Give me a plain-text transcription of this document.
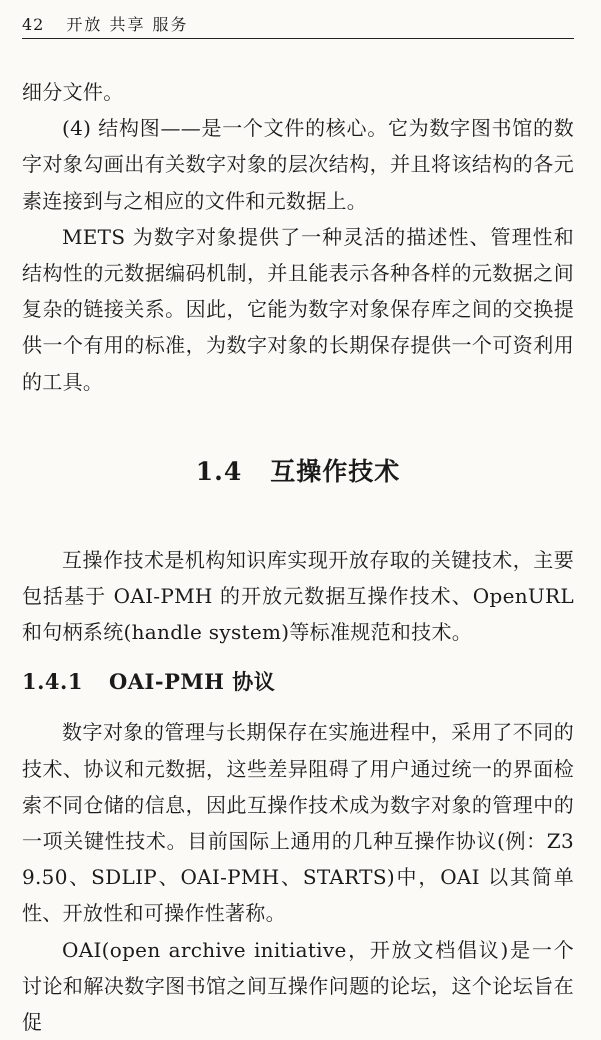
42 开放 共享 服务

细分文件。

(4) 结构图——是一个文件的核心。它为数字图书馆的数字对象勾画出有关数字对象的层次结构，并且将该结构的各元素连接到与之相应的文件和元数据上。

METS 为数字对象提供了一种灵活的描述性、管理性和结构性的元数据编码机制，并且能表示各种各样的元数据之间复杂的链接关系。因此，它能为数字对象保存库之间的交换提供一个有用的标准，为数字对象的长期保存提供一个可资利用的工具。

1.4 互操作技术

互操作技术是机构知识库实现开放存取的关键技术，主要包括基于 OAI-PMH 的开放元数据互操作技术、OpenURL 和句柄系统(handle system)等标准规范和技术。

1.4.1 OAI-PMH 协议

数字对象的管理与长期保存在实施进程中，采用了不同的技术、协议和元数据，这些差异阻碍了用户通过统一的界面检索不同仓储的信息，因此互操作技术成为数字对象的管理中的一项关键性技术。目前国际上通用的几种互操作协议(例：Z39.50、SDLIP、OAI-PMH、STARTS)中，OAI 以其简单性、开放性和可操作性著称。

OAI(open archive initiative，开放文档倡议)是一个讨论和解决数字图书馆之间互操作问题的论坛，这个论坛旨在促
